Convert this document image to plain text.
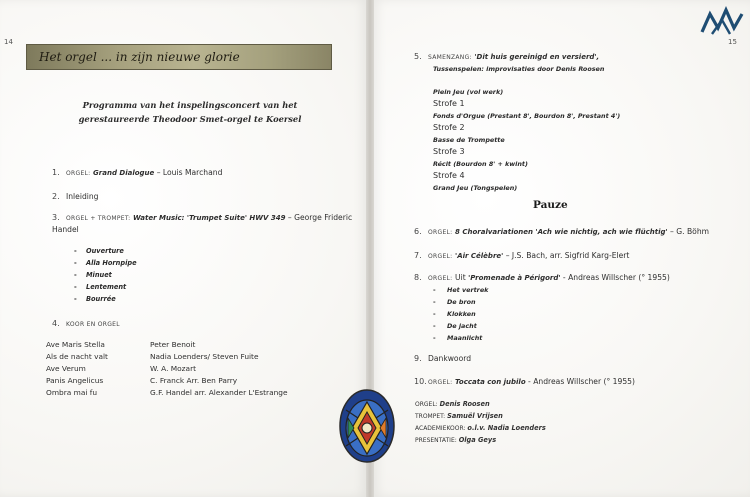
14	15
Het orgel ... in zijn nieuwe glorie
Programma van het inspelingsconcert van het
gerestaureerde Theodoor Smet-orgel te Koersel
1. ORGEL: Grand Dialogue – Louis Marchand
2. Inleiding
3. ORGEL + TROMPET: Water Music: 'Trumpet Suite' HWV 349 – George Frideric
Handel
- Ouverture
- Alla Hornpipe
- Minuet
- Lentement
- Bourrée
4. KOOR EN ORGEL
Ave Maris Stella	Peter Benoit
Als de nacht valt	Nadia Loenders/ Steven Fuite
Ave Verum	W. A. Mozart
Panis Angelicus	C. Franck Arr. Ben Parry
Ombra mai fu	G.F. Handel arr. Alexander L'Estrange
5. SAMENZANG: 'Dit huis gereinigd en versierd',
Tussenspelen: improvisaties door Denis Roosen
Plein Jeu (vol werk)
Strofe 1
Fonds d'Orgue (Prestant 8', Bourdon 8', Prestant 4')
Strofe 2
Basse de Trompette
Strofe 3
Récit (Bourdon 8' + kwint)
Strofe 4
Grand Jeu (Tongspelen)
Pauze
6. ORGEL: 8 Choralvariationen 'Ach wie nichtig, ach wie flüchtig' – G. Böhm
7. ORGEL: 'Air Célèbre' – J.S. Bach, arr. Sigfrid Karg-Elert
8. ORGEL: Uit 'Promenade à Périgord' - Andreas Willscher (° 1955)
- Het vertrek
- De bron
- Klokken
- De jacht
- Maanlicht
9. Dankwoord
10.ORGEL: Toccata con jubilo - Andreas Willscher (° 1955)
ORGEL: Denis Roosen
TROMPET: Samuël Vrijsen
ACADEMIEKOOR: o.l.v. Nadia Loenders
PRESENTATIE: Olga Geys
